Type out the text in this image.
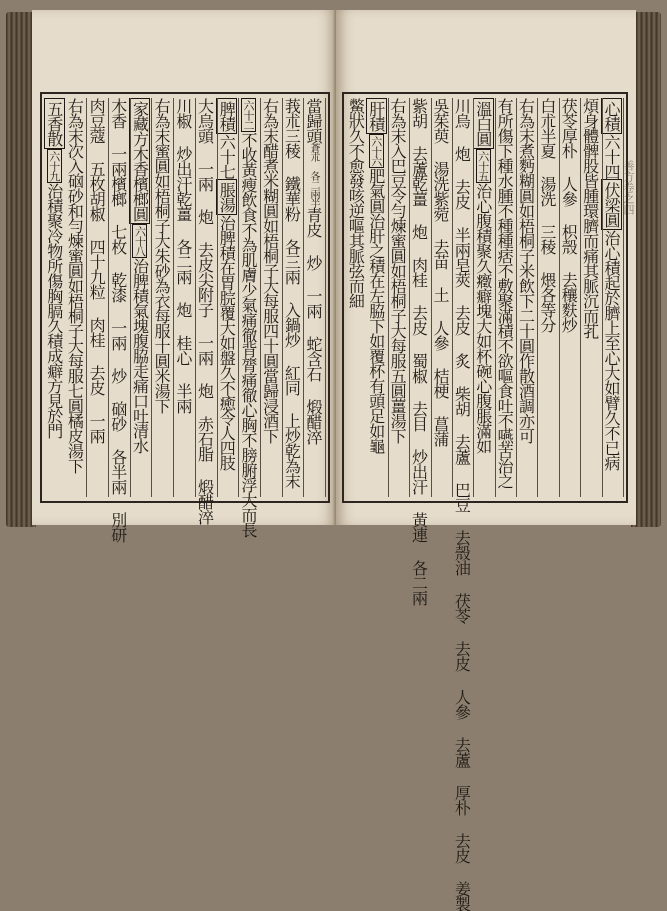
當歸頭蒼朮 各二兩半青皮 炒 一兩 蛇含石 煅醋淬
莪朮三稜 鐵華粉 各三兩 入鍋炒 紅同 上炒乾為末
右為末醋煮米糊圓如梧桐子大每服四十圓當歸浸酒下
六十二不收黃瘦飲食不為肌膚少氣痛徹背膂痛徹心胸不膀腑浮大而長
脾積六十七脹湯治脾積在胃脘覆大如盤久不癒令人四肢
大烏頭 一兩 炮 去皮尖附子 一兩 炮 赤石脂 煅醋淬
川椒 炒出汗乾薑 各二兩 炮 桂心 半兩
右為末蜜圓如梧桐子大朱砂為衣每服十圓米湯下
家藏方木香檳榔圓六十八治脾積氣塊腹脇走痛口吐清水
木香 一兩檳榔 七枚 乾漆 一兩 炒 硇砂 各半兩 別研
肉豆蔻 五枚胡椒 四十九粒 肉桂 去皮 一兩
右為末次入硇砂和勻煉蜜圓如梧桐子大每服七圓橘皮湯下
五香散六十九治積聚冷物所傷胸膈久積成癖方見於門
心積六十四伏梁圓治心積起於臍上至心大如臂久不已病
煩身體髀股皆腫環臍而痛其脈沉而芤
茯苓厚朴 人參 枳殼 去穰麩炒
白朮半夏 湯洗 三稜 煨各等分
右為末煮麪糊圓如梧桐子米飲下二十圓作散酒調亦可
有所傷下種水腫不種種痞不敷聚滿積不欲嘔食吐不嚥苦治之
溫白圓六十五治心腹積聚久癥癖塊大如杯碗心腹脹滿如
川烏 炮 去皮 半兩皂莢 去皮 炙 柴胡 去蘆 巴豆 去殼油 茯苓 去皮 人參 去蘆 厚朴 去皮 姜製
吳茱萸 湯洗紫菀 去苗 土 人參 桔梗 菖蒲
紫胡 去蘆乾薑 炮 肉桂 去皮 蜀椒 去目 炒出汗 黃連 各二兩
右為末入巴豆令勻煉蜜圓如梧桐子大每服五圓薑湯下
肝積六十六肥氣圓治肝之積在左脇下如覆杯有頭足如龜
鱉狀久不愈發咳逆嘔其脈弦而細	善方卷之四
